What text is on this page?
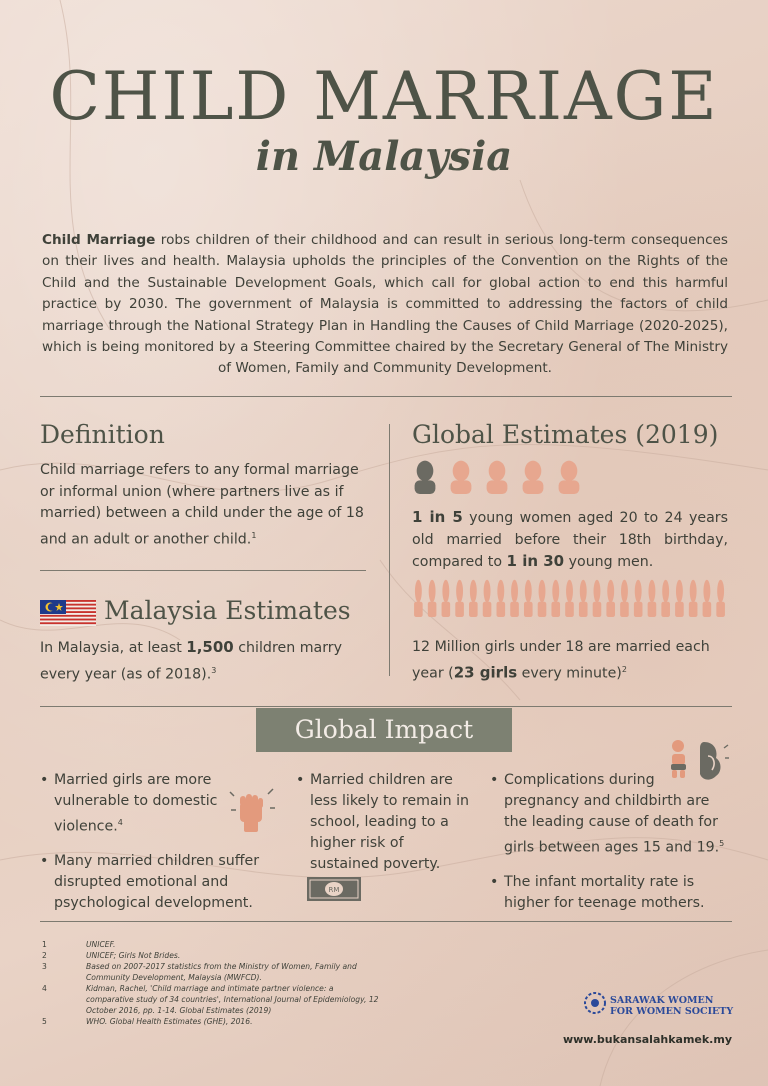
CHILD MARRIAGE
in Malaysia

Child Marriage robs children of their childhood and can result in serious long-term consequences on their lives and health. Malaysia upholds the principles of the Convention on the Rights of the Child and the Sustainable Development Goals, which call for global action to end this harmful practice by 2030. The government of Malaysia is committed to addressing the factors of child marriage through the National Strategy Plan in Handling the Causes of Child Marriage (2020-2025), which is being monitored by a Steering Committee chaired by the Secretary General of The Ministry of Women, Family and Community Development.

Definition

Child marriage refers to any formal marriage or informal union (where partners live as if married) between a child under the age of 18 and an adult or another child.$^1$

Malaysia Estimates

In Malaysia, at least 1,500 children marry every year (as of 2018).$^3$

Global Estimates (2019)

1 in 5 young women aged 20 to 24 years old married before their 18th birthday, compared to 1 in 30 young men.

12 Million girls under 18 are married each year (23 girls every minute)$^2$

Global Impact
• Married girls are more vulnerable to domestic violence.$^4$
• Many married children suffer disrupted emotional and psychological development.
• Married children are less likely to remain in school, leading to a higher risk of sustained poverty.
RM
• Complications during pregnancy and childbirth are the leading cause of death for girls between ages 15 and 19.$^5$
• The infant mortality rate is higher for teenage mothers.
1	UNICEF.
2	UNICEF; Girls Not Brides.
3	Based on 2007-2017 statistics from the Ministry of Women, Family and Community Development, Malaysia (MWFCD).
4	Kidman, Rachel, 'Child marriage and intimate partner violence: a comparative study of 34 countries', International Journal of Epidemiology, 12 October 2016, pp. 1-14. Global Estimates (2019)
5	WHO. Global Health Estimates (GHE), 2016.
SARAWAK WOMEN
FOR WOMEN SOCIETY
www.bukansalahkamek.my
